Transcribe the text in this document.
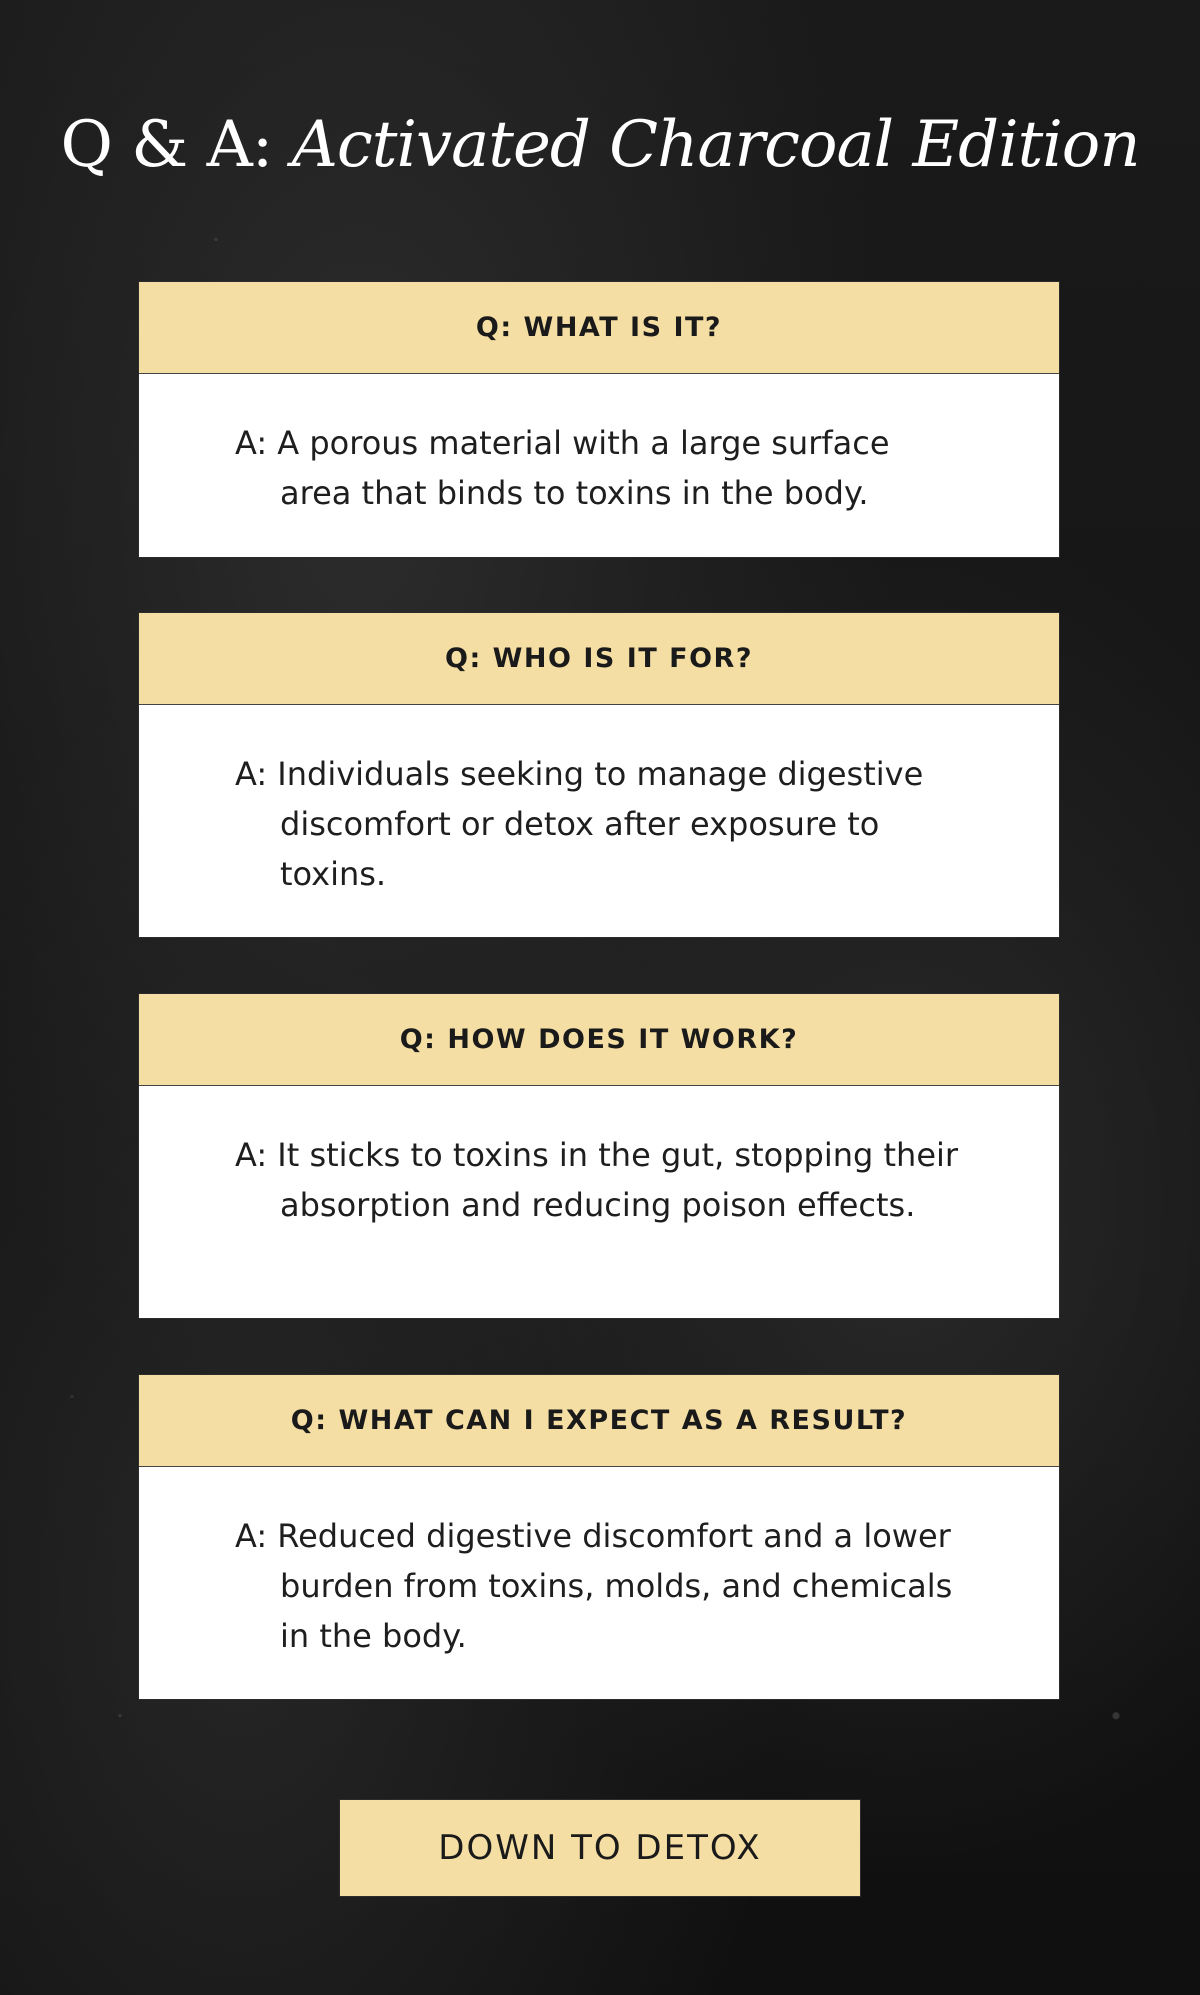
Q & A: Activated Charcoal Edition
Q: WHAT IS IT?

A: A porous material with a large surface area that binds to toxins in the body.

Q: WHO IS IT FOR?

A: Individuals seeking to manage digestive discomfort or detox after exposure to toxins.

Q: HOW DOES IT WORK?

A: It sticks to toxins in the gut, stopping their absorption and reducing poison effects.

Q: WHAT CAN I EXPECT AS A RESULT?

A: Reduced digestive discomfort and a lower burden from toxins, molds, and chemicals in the body.

DOWN TO DETOX
